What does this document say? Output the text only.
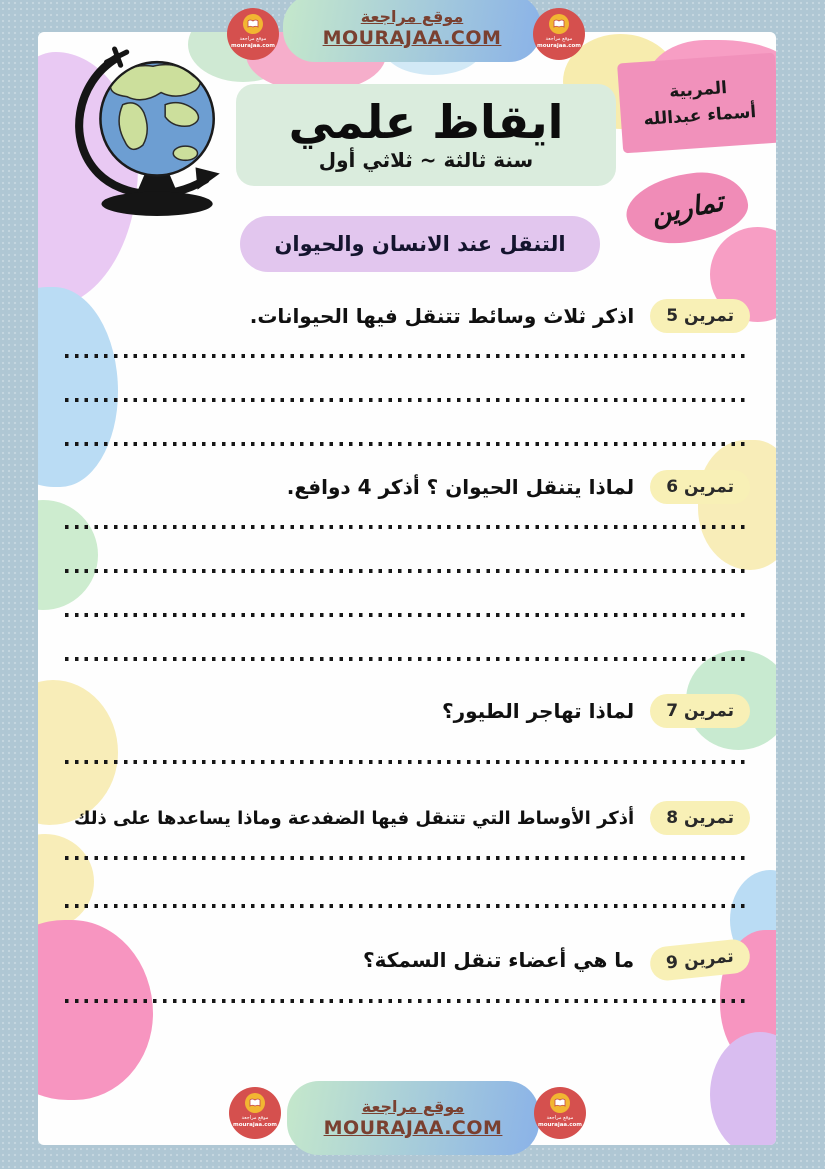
ايقاظ علمي
سنة ثالثة ~ ثلاثي أول
المربية
أسماء عبدالله
تمارين
التنقل عند الانسان والحيوان
تمرين 5
اذكر ثلاث وسائط تتنقل فيها الحيوانات.
تمرين 6
لماذا يتنقل الحيوان ؟ أذكر 4 دوافع.
تمرين 7
لماذا تهاجر الطيور؟
تمرين 8
أذكر الأوساط التي تتنقل فيها الضفدعة وماذا يساعدها على ذلك
تمرين 9
ما هي أعضاء تنقل السمكة؟
موقع مراجعة
MOURAJAA.COM
موقع مراجعة
mourajaa.com
موقع مراجعة
mourajaa.com
موقع مراجعة
MOURAJAA.COM
موقع مراجعة
mourajaa.com
موقع مراجعة
mourajaa.com
